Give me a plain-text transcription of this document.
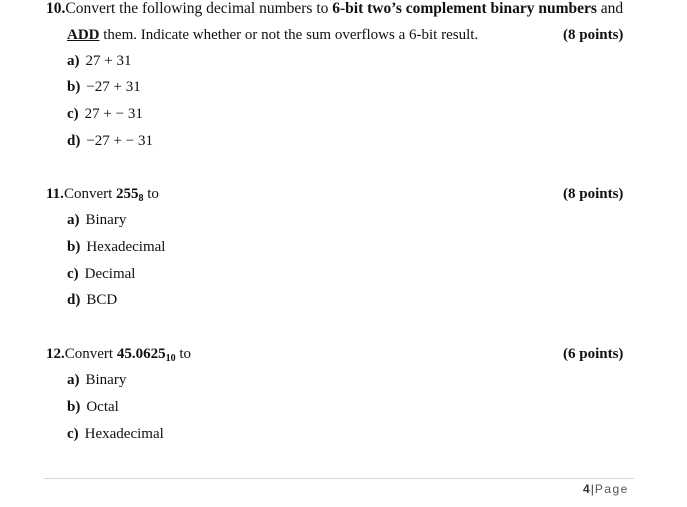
10.Convert the following decimal numbers to 6-bit two’s complement binary numbers and
ADD them. Indicate whether or not the sum overflows a 6-bit result.	(8 points)
a) 27 + 31
b) −27 + 31
c) 27 + − 31
d) −27 + − 31
11.Convert $255_8$ to	(8 points)
a) Binary
b) Hexadecimal
c) Decimal
d) BCD
12.Convert $45.0625_{10}$ to	(6 points)
a) Binary
b) Octal
c) Hexadecimal
4|Page
